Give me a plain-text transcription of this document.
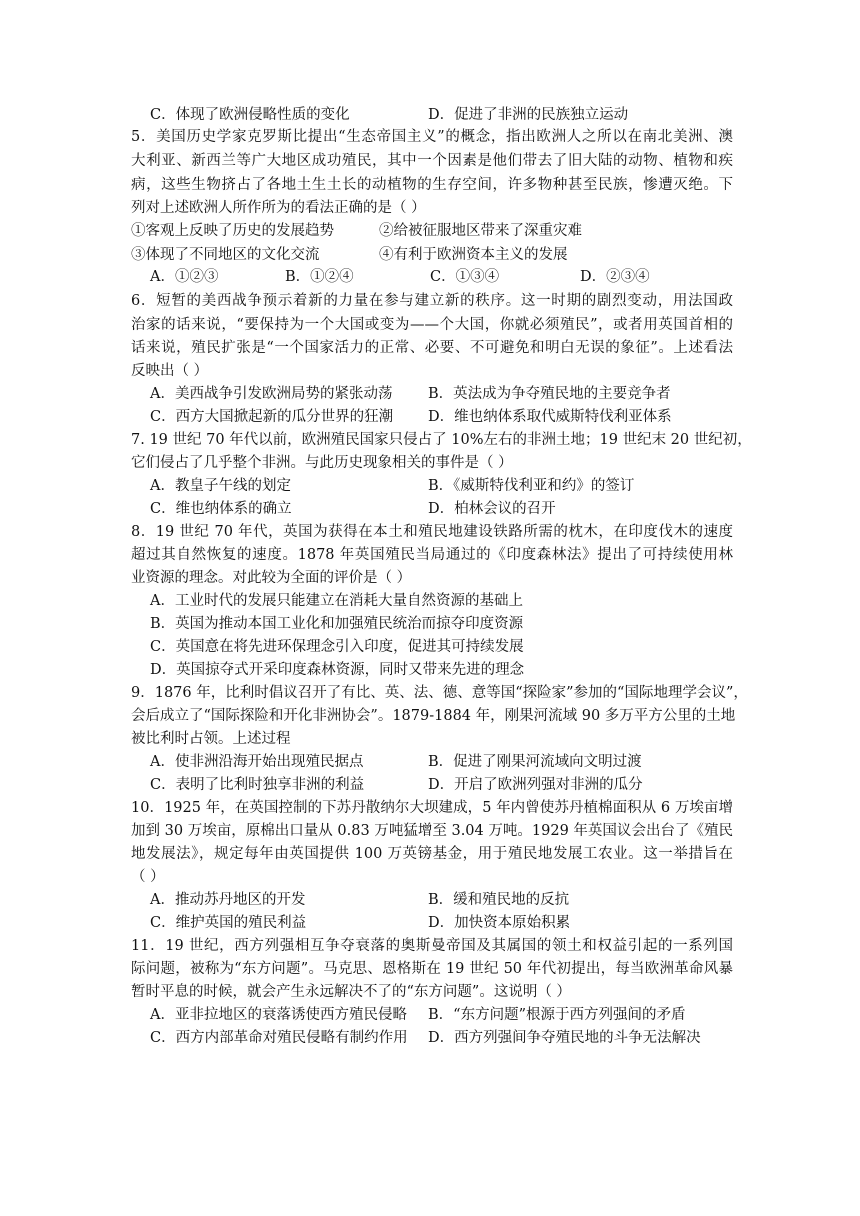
C．体现了欧洲侵略性质的变化	D．促进了非洲的民族独立运动
5．美国历史学家克罗斯比提出“生态帝国主义”的概念，指出欧洲人之所以在南北美洲、澳
大利亚、新西兰等广大地区成功殖民，其中一个因素是他们带去了旧大陆的动物、植物和疾
病，这些生物挤占了各地土生土长的动植物的生存空间，许多物种甚至民族，惨遭灭绝。下
列对上述欧洲人所作所为的看法正确的是（ ）
①客观上反映了历史的发展趋势	②给被征服地区带来了深重灾难
③体现了不同地区的文化交流	④有利于欧洲资本主义的发展
A．①②③	B．①②④	C．①③④	D．②③④
6．短暂的美西战争预示着新的力量在参与建立新的秩序。这一时期的剧烈变动，用法国政
治家的话来说，“要保持为一个大国或变为——个大国，你就必须殖民”，或者用英国首相的
话来说，殖民扩张是“一个国家活力的正常、必要、不可避免和明白无误的象征”。上述看法
反映出（ ）
A．美西战争引发欧洲局势的紧张动荡 B．英法成为争夺殖民地的主要竞争者
C．西方大国掀起新的瓜分世界的狂潮 D．维也纳体系取代威斯特伐利亚体系
7. 19 世纪 70 年代以前，欧洲殖民国家只侵占了 10%左右的非洲土地；19 世纪末 20 世纪初，
它们侵占了几乎整个非洲。与此历史现象相关的事件是（ ）
A．教皇子午线的划定	B．《威斯特伐利亚和约》的签订
C．维也纳体系的确立	D．柏林会议的召开
8．19 世纪 70 年代，英国为获得在本土和殖民地建设铁路所需的枕木，在印度伐木的速度
超过其自然恢复的速度。1878 年英国殖民当局通过的《印度森林法》提出了可持续使用林
业资源的理念。对此较为全面的评价是（ ）
A．工业时代的发展只能建立在消耗大量自然资源的基础上
B．英国为推动本国工业化和加强殖民统治而掠夺印度资源
C．英国意在将先进环保理念引入印度，促进其可持续发展
D．英国掠夺式开采印度森林资源，同时又带来先进的理念
9．1876 年，比利时倡议召开了有比、英、法、德、意等国“探险家”参加的“国际地理学会议”，
会后成立了“国际探险和开化非洲协会”。1879-1884 年，刚果河流域 90 多万平方公里的土地
被比利时占领。上述过程
A．使非洲沿海开始出现殖民据点	B．促进了刚果河流域向文明过渡
C．表明了比利时独享非洲的利益	D．开启了欧洲列强对非洲的瓜分
10．1925 年，在英国控制的下苏丹散纳尔大坝建成，5 年内曾使苏丹植棉面积从 6 万埃亩增
加到 30 万埃亩，原棉出口量从 0.83 万吨猛增至 3.04 万吨。1929 年英国议会出台了《殖民
地发展法》，规定每年由英国提供 100 万英镑基金，用于殖民地发展工农业。这一举措旨在
（ ）
A．推动苏丹地区的开发	B．缓和殖民地的反抗
C．维护英国的殖民利益	D．加快资本原始积累
11．19 世纪，西方列强相互争夺衰落的奥斯曼帝国及其属国的领土和权益引起的一系列国
际问题，被称为“东方问题”。马克思、恩格斯在 19 世纪 50 年代初提出，每当欧洲革命风暴
暂时平息的时候，就会产生永远解决不了的“东方问题”。这说明（ ）
A．亚非拉地区的衰落诱使西方殖民侵略 B．“东方问题”根源于西方列强间的矛盾
C．西方内部革命对殖民侵略有制约作用 D．西方列强间争夺殖民地的斗争无法解决
